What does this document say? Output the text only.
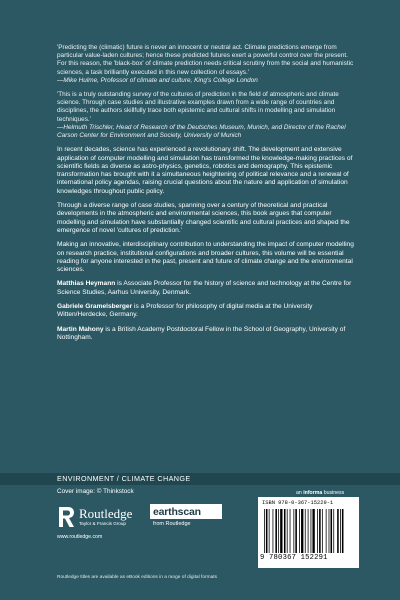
'Predicting the (climatic) future is never an innocent or neutral act. Climate predictions emerge from particular value-laden cultures; hence these predicted futures exert a powerful control over the present. For this reason, the 'black-box' of climate prediction needs critical scrutiny from the social and humanistic sciences, a task brilliantly executed in this new collection of essays.'
—Mike Hulme, Professor of climate and culture, King's College London
'This is a truly outstanding survey of the cultures of prediction in the field of atmospheric and climate science. Through case studies and illustrative examples drawn from a wide range of countries and disciplines, the authors skillfully trace both epistemic and cultural shifts in modelling and simulation techniques.'
—Helmuth Trischler, Head of Research of the Deutsches Museum, Munich, and Director of the Rachel Carson Center for Environment and Society, University of Munich

In recent decades, science has experienced a revolutionary shift. The development and extensive application of computer modelling and simulation has transformed the knowledge-making practices of scientific fields as diverse as astro-physics, genetics, robotics and demography. This epistemic transformation has brought with it a simultaneous heightening of political relevance and a renewal of international policy agendas, raising crucial questions about the nature and application of simulation knowledges throughout public policy.

Through a diverse range of case studies, spanning over a century of theoretical and practical developments in the atmospheric and environmental sciences, this book argues that computer modelling and simulation have substantially changed scientific and cultural practices and shaped the emergence of novel 'cultures of prediction.'

Making an innovative, interdisciplinary contribution to understanding the impact of computer modelling on research practice, institutional configurations and broader cultures, this volume will be essential reading for anyone interested in the past, present and future of climate change and the environmental sciences.

Matthias Heymann is Associate Professor for the history of science and technology at the Centre for Science Studies, Aarhus University, Denmark.

Gabriele Gramelsberger is a Professor for philosophy of digital media at the University Witten/Herdecke, Germany.

Martin Mahony is a British Academy Postdoctoral Fellow in the School of Geography, University of Nottingham.

ENVIRONMENT / CLIMATE CHANGE
Cover image: © Thinkstock	an informa business
Routledge
Taylor & Francis Group
www.routledge.com
earthscan
from Routledge
ISBN 978-0-367-15229-1
9 780367 152291
Routledge titles are available as eBook editions in a range of digital formats
